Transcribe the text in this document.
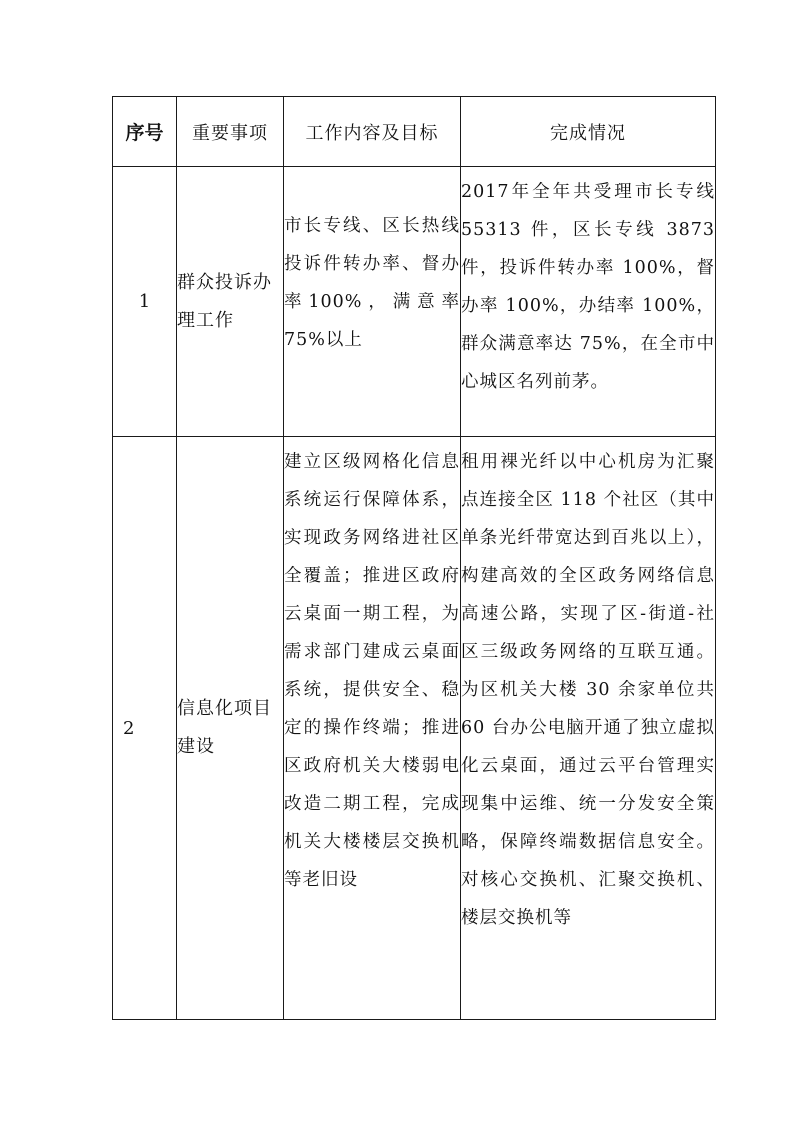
序号	重要事项	工作内容及目标	完成情况
1	群众投诉办理工作	市长专线、区长热线投诉件转办率、督办率100%，满意率75%以上	2017年全年共受理市长专线 55313 件，区长专线 3873 件，投诉件转办率 100%，督办率 100%，办结率 100%，群众满意率达 75%，在全市中心城区名列前茅。
2	信息化项目建设	建立区级网格化信息系统运行保障体系，实现政务网络进社区全覆盖；推进区政府云桌面一期工程，为需求部门建成云桌面系统，提供安全、稳定的操作终端；推进区政府机关大楼弱电改造二期工程，完成机关大楼楼层交换机等老旧设	租用裸光纤以中心机房为汇聚点连接全区 118 个社区（其中单条光纤带宽达到百兆以上），构建高效的全区政务网络信息高速公路，实现了区-街道-社区三级政务网络的互联互通。为区机关大楼 30 余家单位共 60 台办公电脑开通了独立虚拟化云桌面，通过云平台管理实现集中运维、统一分发安全策略，保障终端数据信息安全。对核心交换机、汇聚交换机、楼层交换机等
